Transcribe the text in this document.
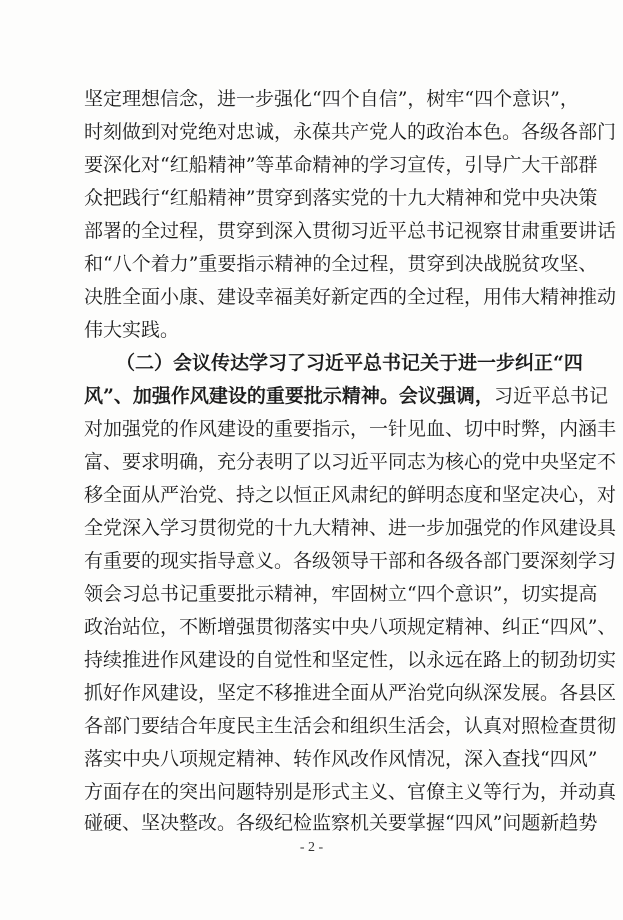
坚定理想信念，进一步强化“四个自信”，树牢“四个意识”，
时刻做到对党绝对忠诚，永葆共产党人的政治本色。各级各部门
要深化对“红船精神”等革命精神的学习宣传，引导广大干部群
众把践行“红船精神”贯穿到落实党的十九大精神和党中央决策
部署的全过程，贯穿到深入贯彻习近平总书记视察甘肃重要讲话
和“八个着力”重要指示精神的全过程，贯穿到决战脱贫攻坚、
决胜全面小康、建设幸福美好新定西的全过程，用伟大精神推动
伟大实践。
（二）会议传达学习了习近平总书记关于进一步纠正“四
风”、加强作风建设的重要批示精神。会议强调，习近平总书记
对加强党的作风建设的重要指示，一针见血、切中时弊，内涵丰
富、要求明确，充分表明了以习近平同志为核心的党中央坚定不
移全面从严治党、持之以恒正风肃纪的鲜明态度和坚定决心，对
全党深入学习贯彻党的十九大精神、进一步加强党的作风建设具
有重要的现实指导意义。各级领导干部和各级各部门要深刻学习
领会习总书记重要批示精神，牢固树立“四个意识”，切实提高
政治站位，不断增强贯彻落实中央八项规定精神、纠正“四风”、
持续推进作风建设的自觉性和坚定性，以永远在路上的韧劲切实
抓好作风建设，坚定不移推进全面从严治党向纵深发展。各县区
各部门要结合年度民主生活会和组织生活会，认真对照检查贯彻
落实中央八项规定精神、转作风改作风情况，深入查找“四风”
方面存在的突出问题特别是形式主义、官僚主义等行为，并动真
碰硬、坚决整改。各级纪检监察机关要掌握“四风”问题新趋势
- 2 -
